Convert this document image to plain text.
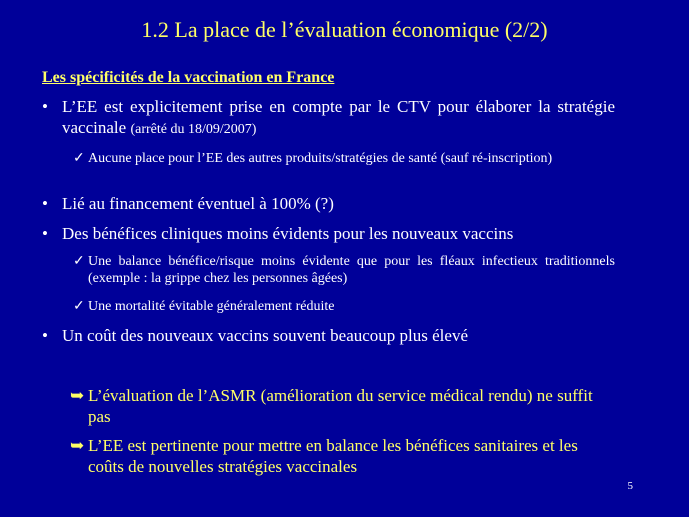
1.2 La place de l’évaluation économique (2/2)
Les spécificités de la vaccination en France
• L’EE est explicitement prise en compte par le CTV pour élaborer la stratégie vaccinale (arrêté du 18/09/2007)
✓ Aucune place pour l’EE des autres produits/stratégies de santé (sauf ré-inscription)
• Lié au financement éventuel à 100% (?)
• Des bénéfices cliniques moins évidents pour les nouveaux vaccins
✓ Une balance bénéfice/risque moins évidente que pour les fléaux infectieux traditionnels (exemple : la grippe chez les personnes âgées)
✓ Une mortalité évitable généralement réduite
• Un coût des nouveaux vaccins souvent beaucoup plus élevé
➥ L’évaluation de l’ASMR (amélioration du service médical rendu) ne suffit pas
➥ L’EE est pertinente pour mettre en balance les bénéfices sanitaires et les coûts de nouvelles stratégies vaccinales
5
